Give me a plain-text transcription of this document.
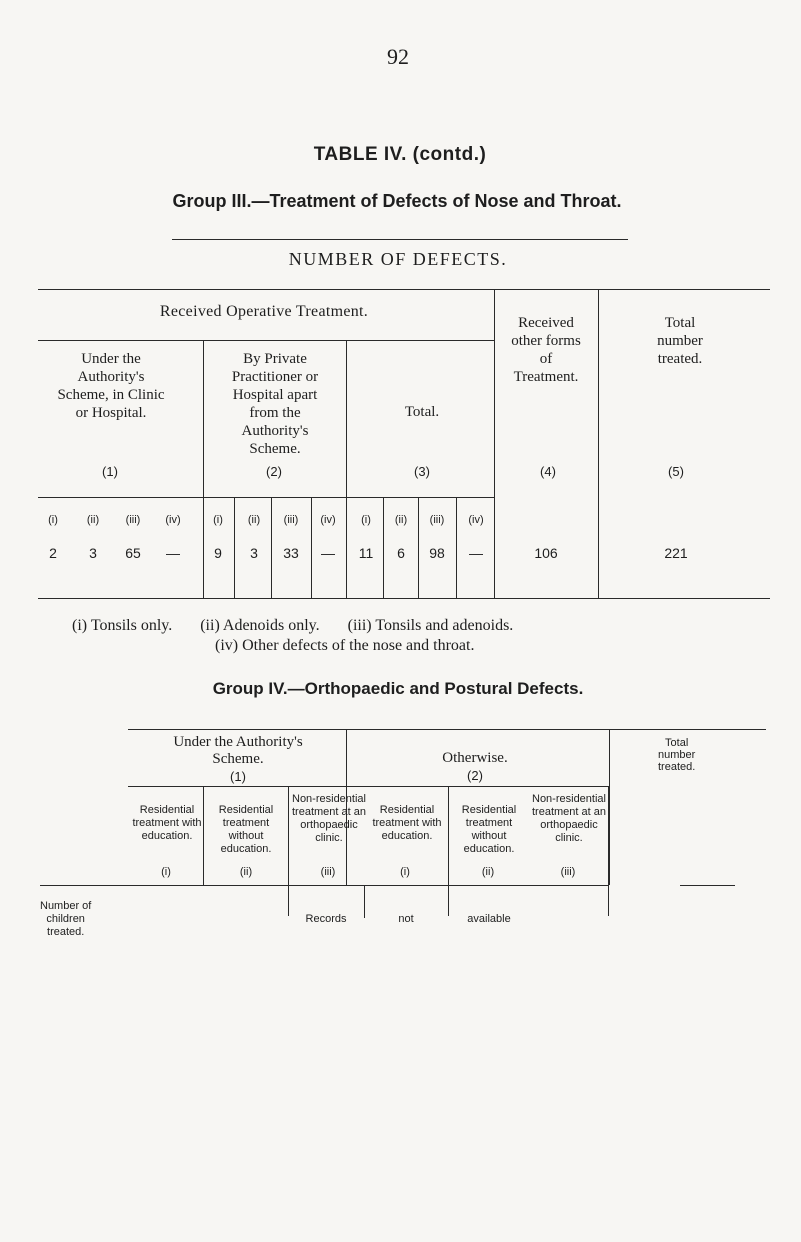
92
TABLE IV. (contd.)
Group III.—Treatment of Defects of Nose and Throat.
NUMBER OF DEFECTS.
Received Operative Treatment.
Received
other forms
of
Treatment.
Total
number
treated.
Under the
Authority's
Scheme, in Clinic
or Hospital.
By Private
Practitioner or
Hospital apart
from the
Authority's
Scheme.
Total.
(1)	(2)	(3)	(4)	(5)
(i)	(ii) (iii) (iv)	(i) (ii) (iii) (iv) (i) (ii) (iii) (iv)
2 3 65 — 9 3 33 — 11 6 98 —	106	221
(i) Tonsils only.       (ii) Adenoids only.       (iii) Tonsils and adenoids.
(iv) Other defects of the nose and throat.
Group IV.—Orthopaedic and Postural Defects.
Under the Authority's
Scheme.
(1)
Otherwise.
(2)
Total
number
treated.
Residential treatment with education.
Residential treatment without education.
Non-residential treatment at an orthopaedic clinic.
Residential treatment with education.
Residential treatment without education.
Non-residential treatment at an orthopaedic clinic.
(i)	(ii)	(iii)	(i)	(ii)	(iii)
Number of
children
treated.
Records	not	available
